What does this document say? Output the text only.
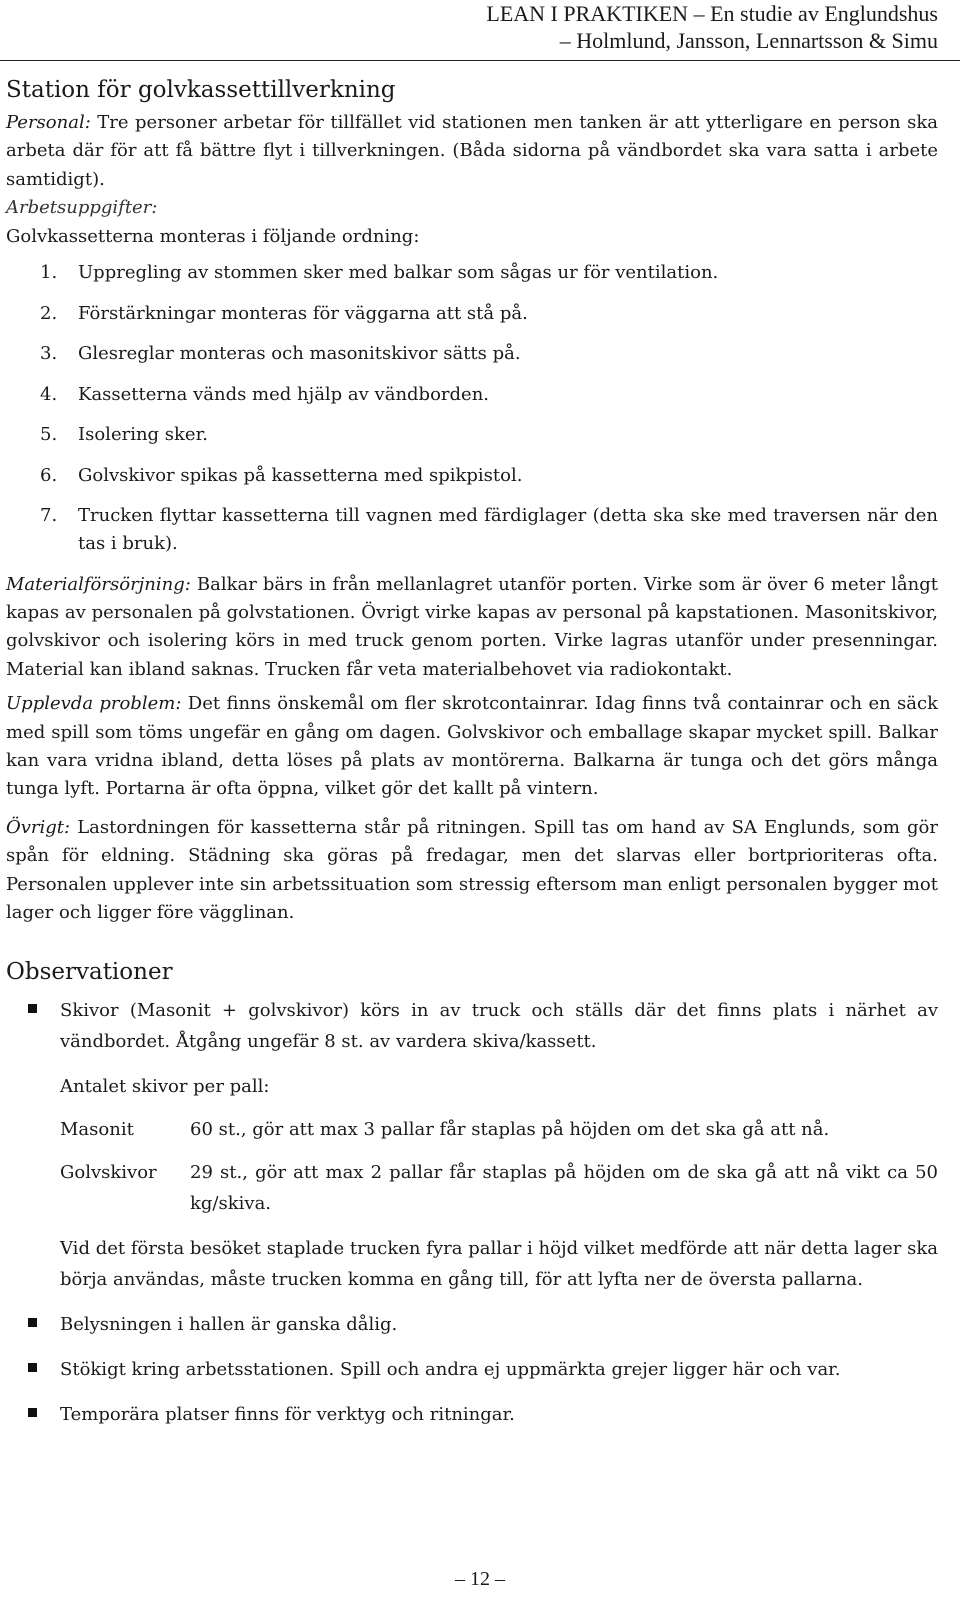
LEAN I PRAKTIKEN – En studie av Englundshus
– Holmlund, Jansson, Lennartsson & Simu
Station för golvkassettillverkning

Personal: Tre personer arbetar för tillfället vid stationen men tanken är att ytterligare en person ska arbeta där för att få bättre flyt i tillverkningen. (Båda sidorna på vändbordet ska vara satta i arbete samtidigt).

Arbetsuppgifter:

Golvkassetterna monteras i följande ordning:

1. Uppregling av stommen sker med balkar som sågas ur för ventilation.
2. Förstärkningar monteras för väggarna att stå på.
3. Glesreglar monteras och masonitskivor sätts på.
4. Kassetterna vänds med hjälp av vändborden.
5. Isolering sker.
6. Golvskivor spikas på kassetterna med spikpistol.
7. Trucken flyttar kassetterna till vagnen med färdiglager (detta ska ske med traversen när den tas i bruk).

Materialförsörjning: Balkar bärs in från mellanlagret utanför porten. Virke som är över 6 meter långt kapas av personalen på golvstationen. Övrigt virke kapas av personal på kapstationen. Masonitskivor, golvskivor och isolering körs in med truck genom porten. Virke lagras utanför under presenningar. Material kan ibland saknas. Trucken får veta materialbehovet via radiokontakt.

Upplevda problem: Det finns önskemål om fler skrotcontainrar. Idag finns två containrar och en säck med spill som töms ungefär en gång om dagen. Golvskivor och emballage skapar mycket spill. Balkar kan vara vridna ibland, detta löses på plats av montörerna. Balkarna är tunga och det görs många tunga lyft. Portarna är ofta öppna, vilket gör det kallt på vintern.

Övrigt: Lastordningen för kassetterna står på ritningen. Spill tas om hand av SA Englunds, som gör spån för eldning. Städning ska göras på fredagar, men det slarvas eller bortprioriteras ofta. Personalen upplever inte sin arbetssituation som stressig eftersom man enligt personalen bygger mot lager och ligger före vägglinan.

Observationer
Skivor (Masonit + golvskivor) körs in av truck och ställs där det finns plats i närhet av vändbordet. Åtgång ungefär 8 st. av vardera skiva/kassett.
Antalet skivor per pall:
Masonit	60 st., gör att max 3 pallar får staplas på höjden om det ska gå att nå.
Golvskivor	29 st., gör att max 2 pallar får staplas på höjden om de ska gå att nå vikt ca 50 kg/skiva.
Vid det första besöket staplade trucken fyra pallar i höjd vilket medförde att när detta lager ska börja användas, måste trucken komma en gång till, för att lyfta ner de översta pallarna.
Belysningen i hallen är ganska dålig.
Stökigt kring arbetsstationen. Spill och andra ej uppmärkta grejer ligger här och var.
Temporära platser finns för verktyg och ritningar.
– 12 –
